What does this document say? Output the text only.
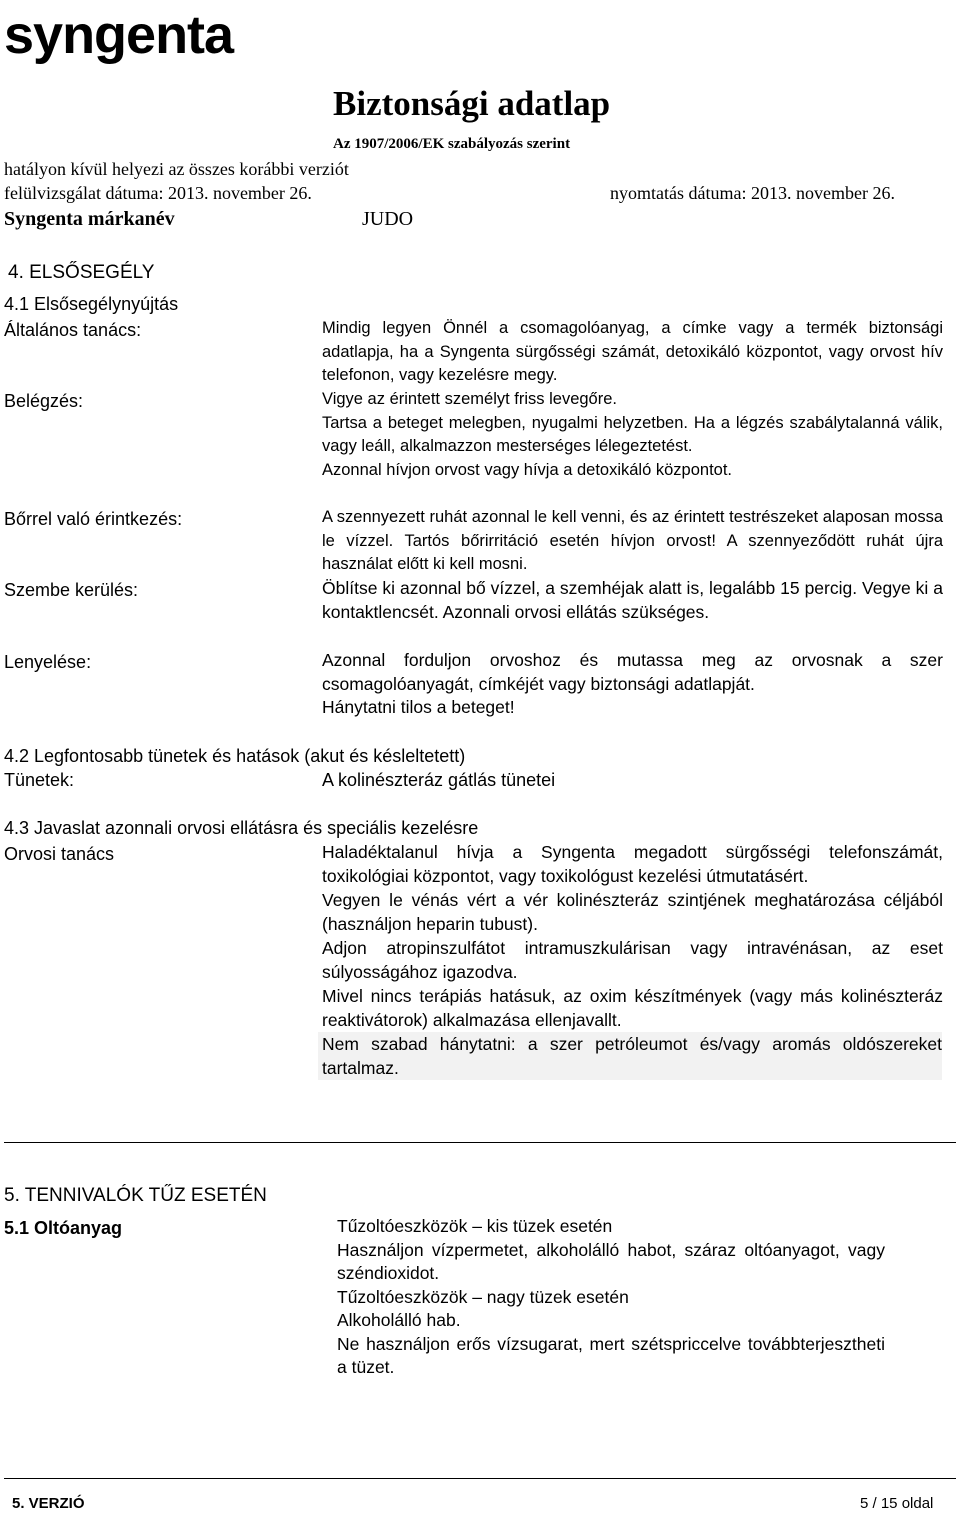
syngenta
Biztonsági adatlap
Az 1907/2006/EK szabályozás szerint
hatályon kívül helyezi az összes korábbi verziót
felülvizsgálat dátuma: 2013. november 26.	nyomtatás dátuma: 2013. november 26.
Syngenta márkanév	JUDO
4. ELSŐSEGÉLY
4.1 Elsősegélynyújtás
Általános tanács:	Mindig legyen Önnél a csomagolóanyag, a címke vagy a termék biztonsági adatlapja, ha a Syngenta sürgősségi számát, detoxikáló központot, vagy orvost hív telefonon, vagy kezelésre megy.

Belégzés:	Vigye az érintett személyt friss levegőre.

Tartsa a beteget melegben, nyugalmi helyzetben. Ha a légzés szabálytalanná válik, vagy leáll, alkalmazzon mesterséges lélegeztetést.

Azonnal hívjon orvost vagy hívja a detoxikáló központot.

Bőrrel való érintkezés:	A szennyezett ruhát azonnal le kell venni, és az érintett testrészeket alaposan mossa le vízzel. Tartós bőrirritáció esetén hívjon orvost! A szennyeződött ruhát újra használat előtt ki kell mosni.

Szembe kerülés:	Öblítse ki azonnal bő vízzel, a szemhéjak alatt is, legalább 15 percig. Vegye ki a kontaktlencsét. Azonnali orvosi ellátás szükséges.

Lenyelése:	Azonnal forduljon orvoshoz és mutassa meg az orvosnak a szer csomagolóanyagát, címkéjét vagy biztonsági adatlapját.

Hánytatni tilos a beteget!

4.2 Legfontosabb tünetek és hatások (akut és késleltetett)
Tünetek:	A kolinészteráz gátlás tünetei
4.3 Javaslat azonnali orvosi ellátásra és speciális kezelésre
Orvosi tanács	Haladéktalanul hívja a Syngenta megadott sürgősségi telefonszámát, toxikológiai központot, vagy toxikológust kezelési útmutatásért.

Vegyen le vénás vért a vér kolinészteráz szintjének meghatározása céljából (használjon heparin tubust).

Adjon atropinszulfátot intramuszkulárisan vagy intravénásan, az eset súlyosságához igazodva.

Mivel nincs terápiás hatásuk, az oxim készítmények (vagy más kolinészteráz reaktivátorok) alkalmazása ellenjavallt.

Nem szabad hánytatni: a szer petróleumot és/vagy aromás oldószereket tartalmaz.

5. TENNIVALÓK TŰZ ESETÉN
5.1 Oltóanyag	Tűzoltóeszközök – kis tüzek esetén

Használjon vízpermetet, alkoholálló habot, száraz oltóanyagot, vagy széndioxidot.

Tűzoltóeszközök – nagy tüzek esetén

Alkoholálló hab.

Ne használjon erős vízsugarat, mert szétspriccelve továbbterjesztheti a tüzet.

5. VERZIÓ	5 / 15 oldal
